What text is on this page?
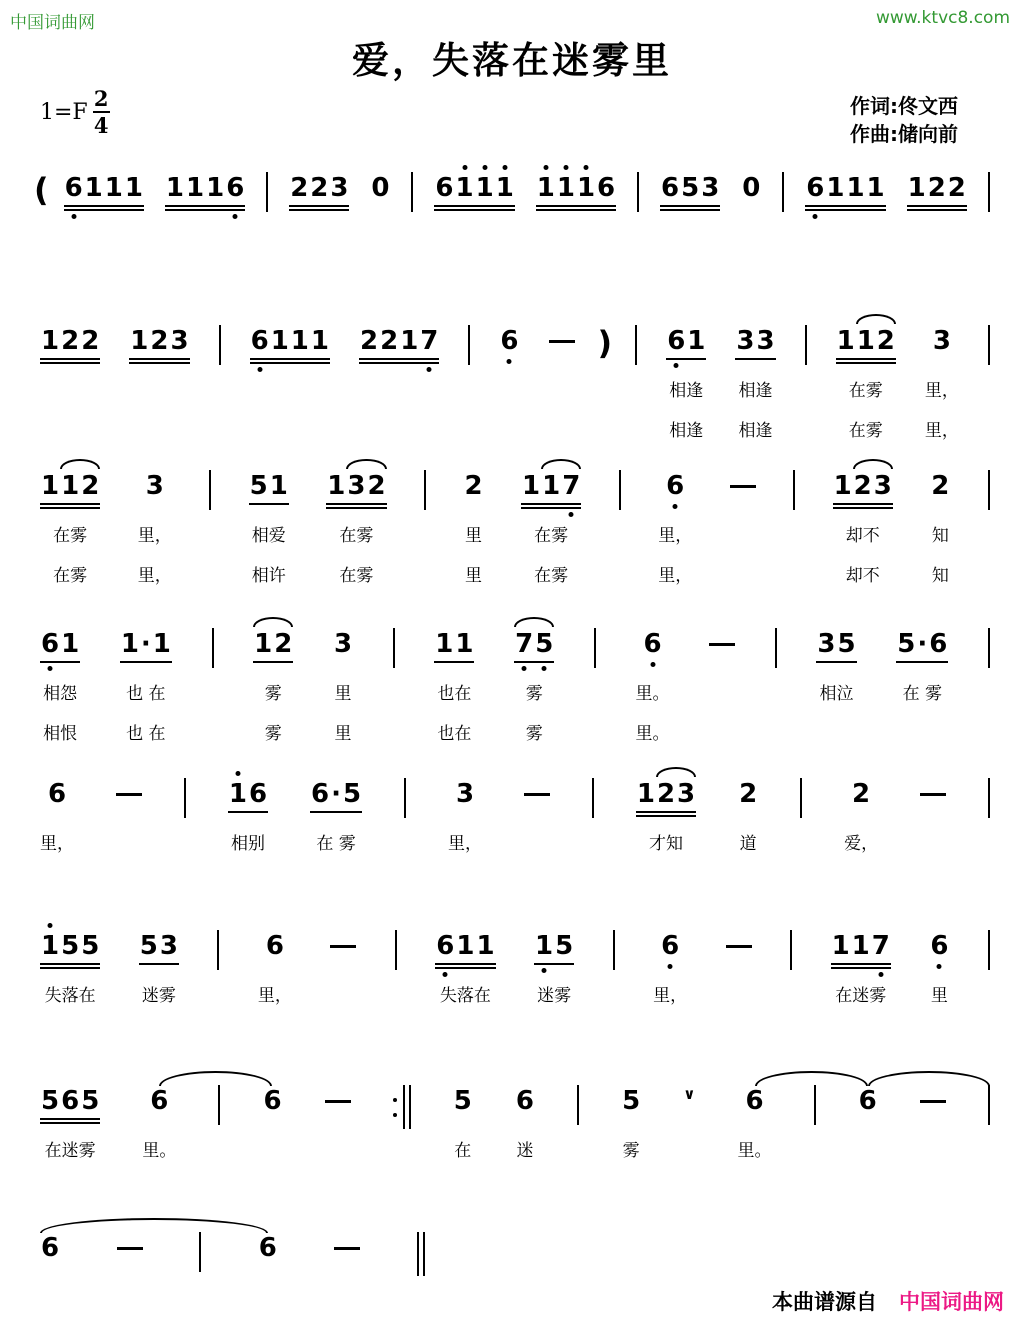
中国词曲网	www.ktvc8.com
爱，失落在迷雾里
$1=F \frac{2}{4}$	作词:佟文西
作曲:储向前
( 6 1 1 1 1 1 1 6 2 2 3 0 6 1 1 1 1 1 1 6 6 5 3 0 6 1 1 1 1 2 2
1 2 2 1 2 3 6 1 1 1 2 2 1 7 6 ) 6 1
相逢
相逢
3 3
相逢
相逢
1 1 2
在雾
在雾
3
里，
里，
1 1 2
在雾
在雾
3
里，
里，
5 1
相爱
相许
1 3 2
在雾
在雾
2
里
里
1 1 7
在雾
在雾
6
里，
里，
1 2 3
却不
却不
2
知
知
6 1
相怨
相恨
1 · 1
也 在
也 在
1 2
雾
雾
3
里
里
1 1
也在
也在
7 5
雾
雾
6
里。
里。
3 5
相泣
5 · 6
在 雾
6
里，
1 6
相别
6 · 5
在 雾
3
里，
1 2 3
才知
2
道
2
爱，
1 5 5
失落在
5 3
迷雾
6
里，
6 1 1
失落在
1 5
迷雾
6
里，
1 1 7
在迷雾
6
里
5 6 5
在迷雾
6
里。
6	5
在
6
迷
5
雾
∨ 6
里。
6
6	6
本曲谱源自 中国词曲网
